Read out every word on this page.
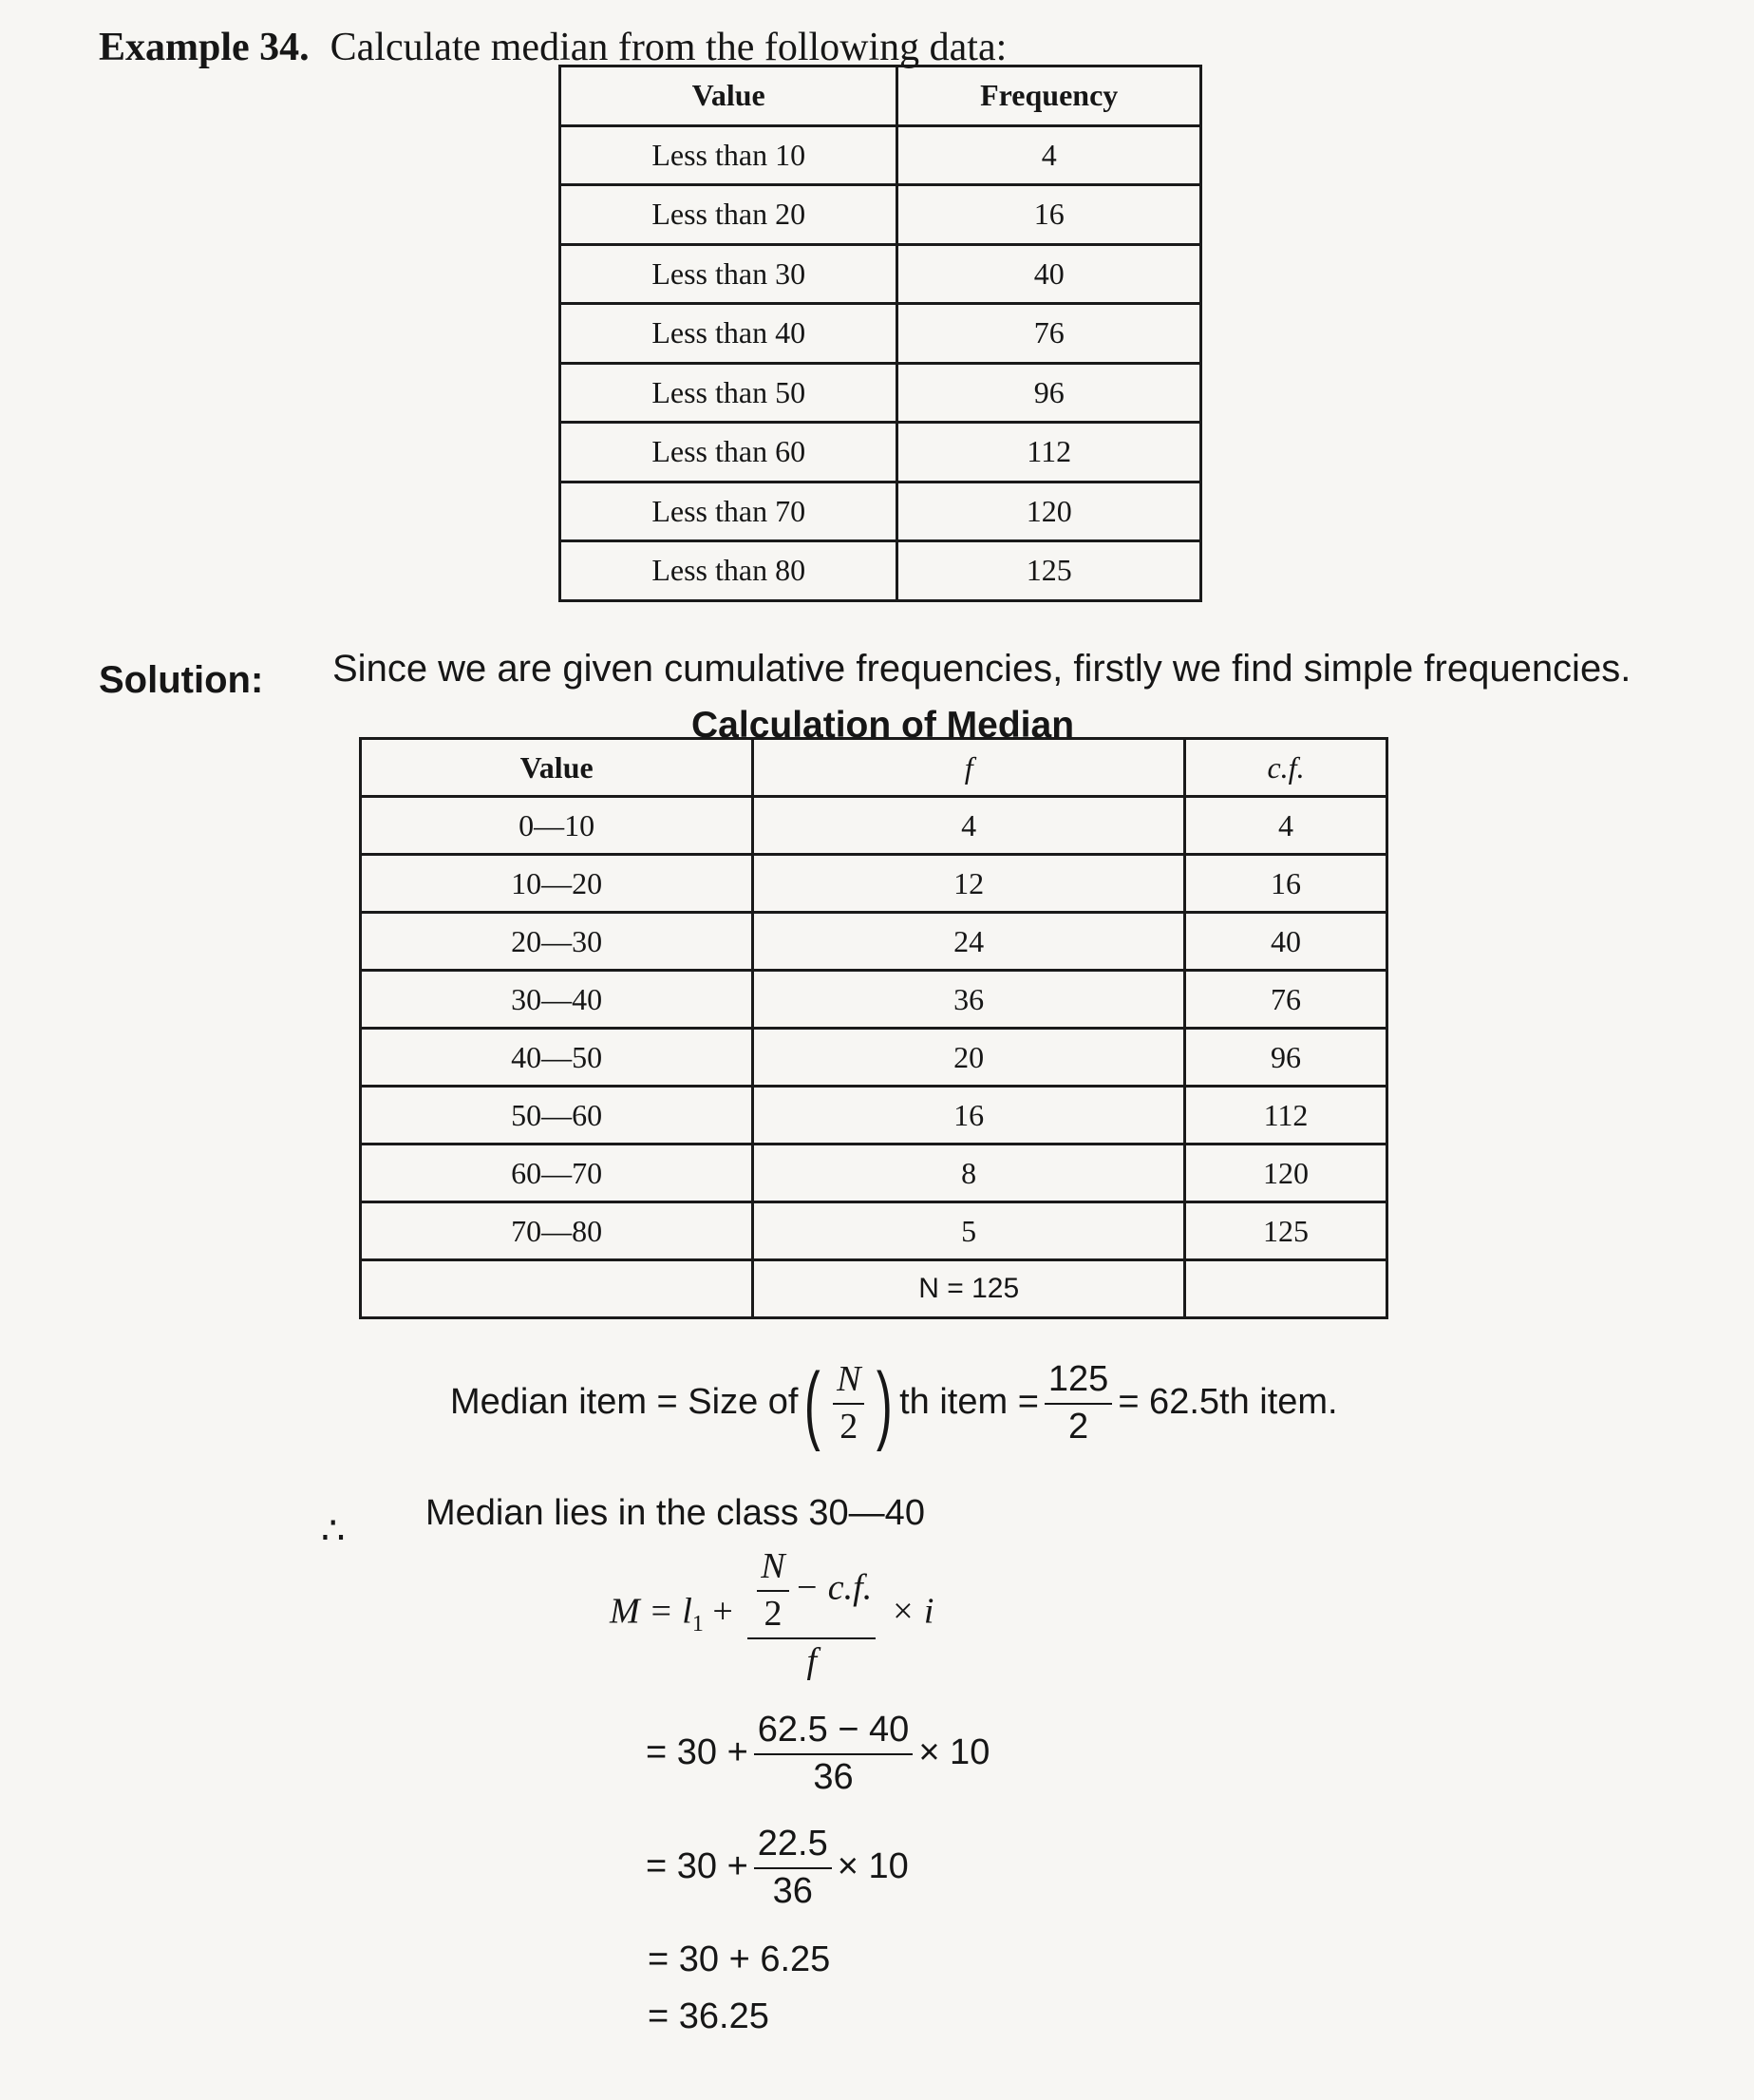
Example 34. Calculate median from the following data:
Value	Frequency
Less than 10	4
Less than 20	16
Less than 30	40
Less than 40	76
Less than 50	96
Less than 60	112
Less than 70	120
Less than 80	125
Solution: Since we are given cumulative frequencies, firstly we find simple frequencies.
Calculation of Median
Value	f	c.f.
0—10	4	4
10—20	12	16
20—30	24	40
30—40	36	76
40—50	20	96
50—60	16	112
60—70	8	120
70—80	5	125
	N = 125	
Median item = Size $of( \frac{N}{2}$ ) th item = $\frac{125}{2} = 62.5th$ item.
∴ Median lies in the class 30—40
$M = l_1 + \frac{\frac{N}{2} - c.f.}{f} \times i$
= $30 + \frac{62.5 - 40}{36} \times 10$
= $30 + \frac{22.5}{36} \times 10$
= 30 + 6.25
= 36.25
